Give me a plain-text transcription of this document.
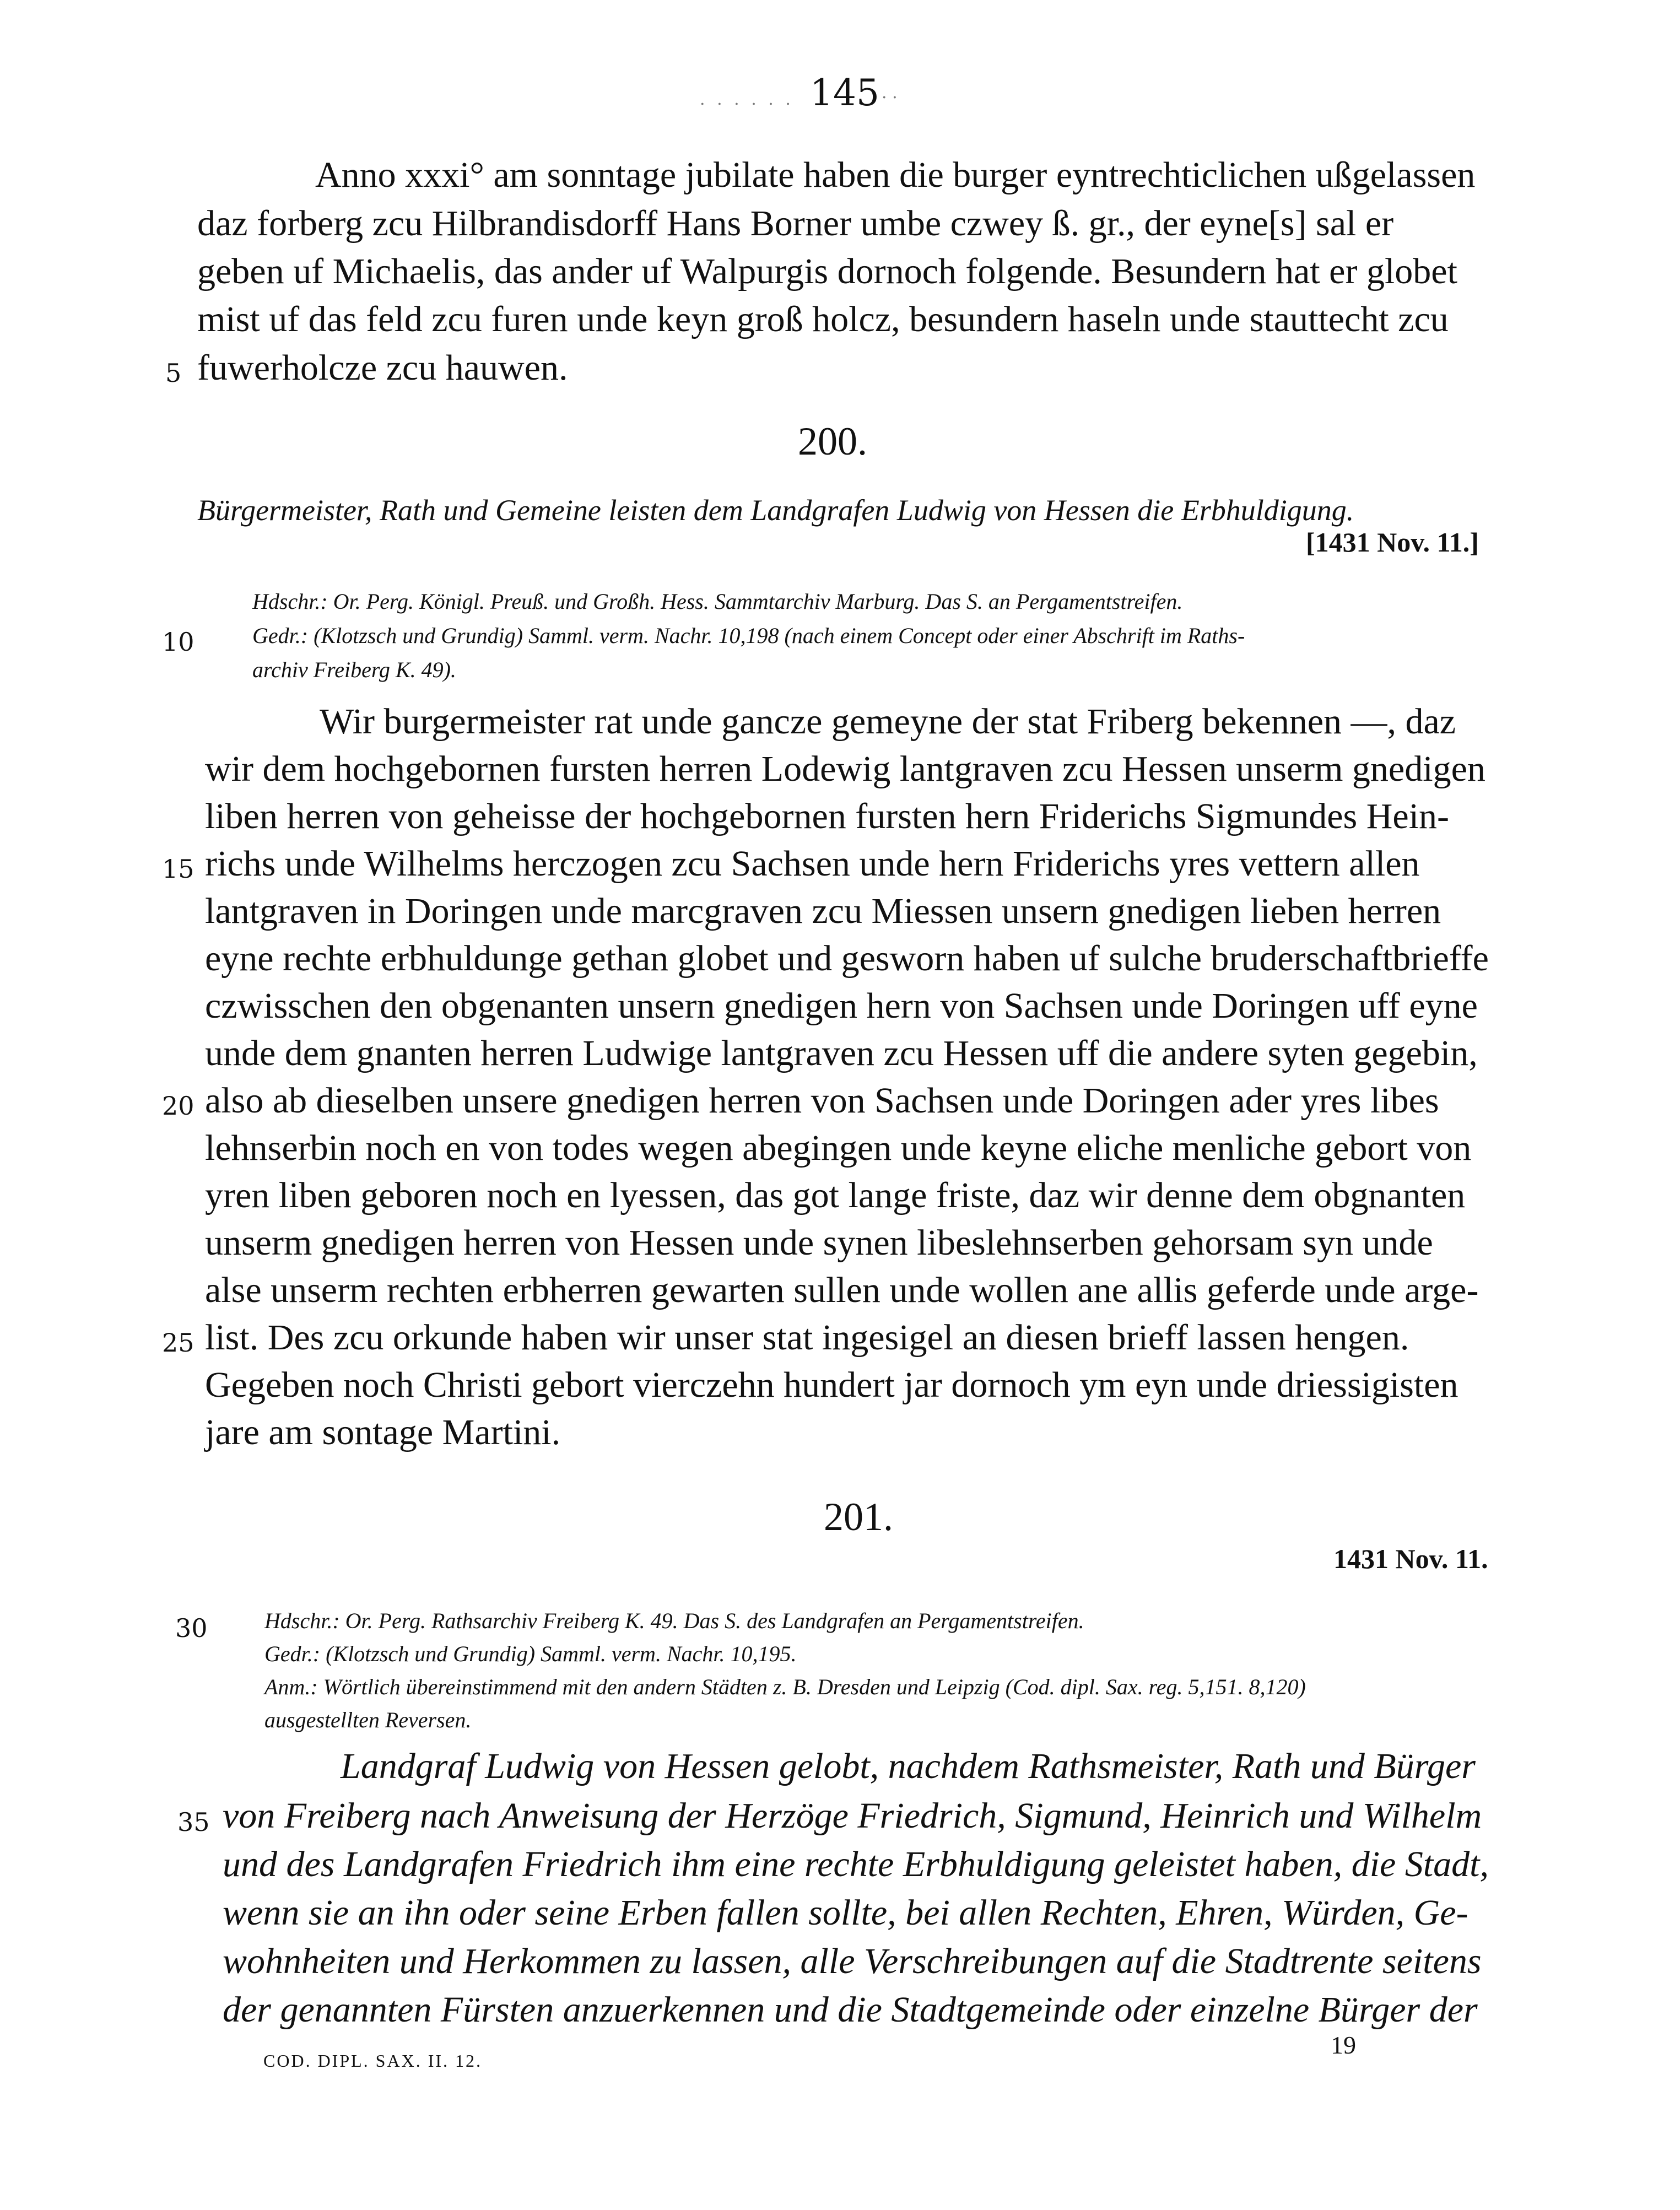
· · · · · · 145 · ·
Anno xxxi° am sonntage jubilate haben die burger eyntrechticlichen ußgelassen
daz forberg zcu Hilbrandisdorff Hans Borner umbe czwey ß. gr., der eyne[s] sal er
geben uf Michaelis, das ander uf Walpurgis dornoch folgende. Besundern hat er globet
mist uf das feld zcu furen unde keyn groß holcz, besundern haseln unde stauttecht zcu
5 fuwerholcze zcu hauwen.
200.
Bürgermeister, Rath und Gemeine leisten dem Landgrafen Ludwig von Hessen die Erbhuldigung.
[1431 Nov. 11.]
Hdschr.: Or. Perg. Königl. Preuß. und Großh. Hess. Sammtarchiv Marburg. Das S. an Pergamentstreifen.
10	Gedr.: (Klotzsch und Grundig) Samml. verm. Nachr. 10,198 (nach einem Concept oder einer Abschrift im Raths-
archiv Freiberg K. 49).
Wir burgermeister rat unde gancze gemeyne der stat Friberg bekennen —, daz
wir dem hochgebornen fursten herren Lodewig lantgraven zcu Hessen unserm gnedigen
liben herren von geheisse der hochgebornen fursten hern Friderichs Sigmundes Hein-
15 richs unde Wilhelms herczogen zcu Sachsen unde hern Friderichs yres vettern allen
lantgraven in Doringen unde marcgraven zcu Miessen unsern gnedigen lieben herren
eyne rechte erbhuldunge gethan globet und gesworn haben uf sulche bruderschaftbrieffe
czwisschen den obgenanten unsern gnedigen hern von Sachsen unde Doringen uff eyne
unde dem gnanten herren Ludwige lantgraven zcu Hessen uff die andere syten gegebin,
20 also ab dieselben unsere gnedigen herren von Sachsen unde Doringen ader yres libes
lehnserbin noch en von todes wegen abegingen unde keyne eliche menliche gebort von
yren liben geboren noch en lyessen, das got lange friste, daz wir denne dem obgnanten
unserm gnedigen herren von Hessen unde synen libeslehnserben gehorsam syn unde
alse unserm rechten erbherren gewarten sullen unde wollen ane allis geferde unde arge-
25 list. Des zcu orkunde haben wir unser stat ingesigel an diesen brieff lassen hengen.
Gegeben noch Christi gebort vierczehn hundert jar dornoch ym eyn unde driessigisten
jare am sontage Martini.
201.
1431 Nov. 11.
30	Hdschr.: Or. Perg. Rathsarchiv Freiberg K. 49. Das S. des Landgrafen an Pergamentstreifen.
Gedr.: (Klotzsch und Grundig) Samml. verm. Nachr. 10,195.
Anm.: Wörtlich übereinstimmend mit den andern Städten z. B. Dresden und Leipzig (Cod. dipl. Sax. reg. 5,151. 8,120)
ausgestellten Reversen.
Landgraf Ludwig von Hessen gelobt, nachdem Rathsmeister, Rath und Bürger
35 von Freiberg nach Anweisung der Herzöge Friedrich, Sigmund, Heinrich und Wilhelm
und des Landgrafen Friedrich ihm eine rechte Erbhuldigung geleistet haben, die Stadt,
wenn sie an ihn oder seine Erben fallen sollte, bei allen Rechten, Ehren, Würden, Ge-
wohnheiten und Herkommen zu lassen, alle Verschreibungen auf die Stadtrente seitens
der genannten Fürsten anzuerkennen und die Stadtgemeinde oder einzelne Bürger der
COD. DIPL. SAX. II. 12.
19
